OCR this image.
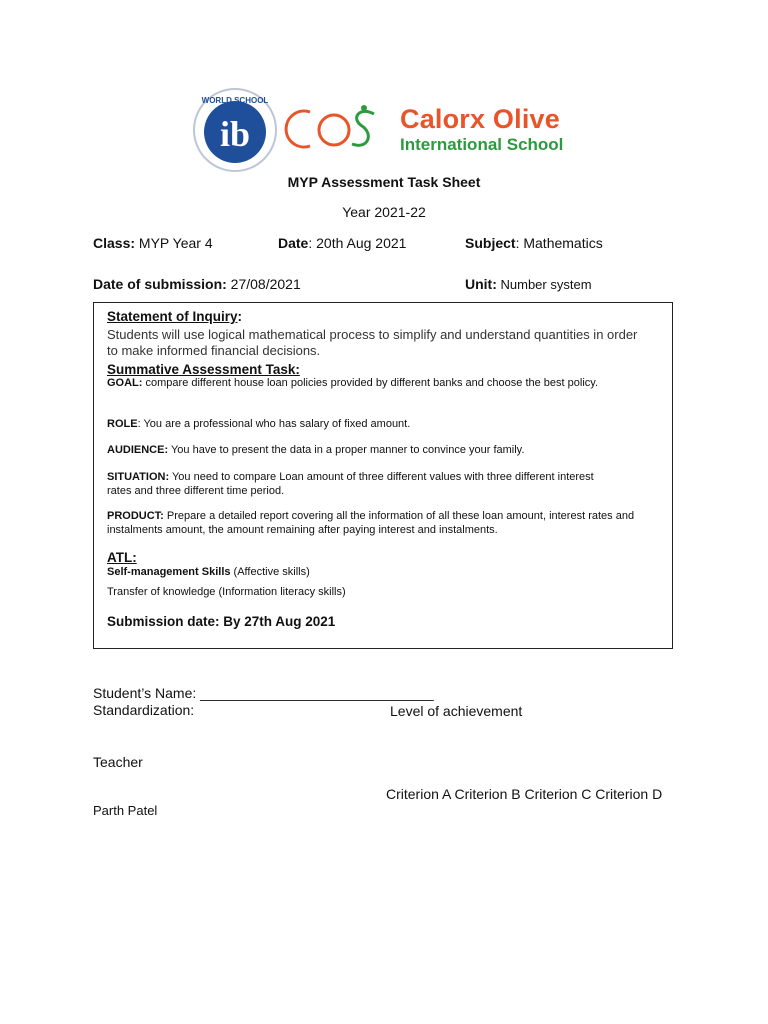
WORLD SCHOOL
ib
COS
Calorx Olive
International School
MYP Assessment Task Sheet
Year 2021-22
Class: MYP Year 4	Date: 20th Aug 2021	Subject: Mathematics
Date of submission: 27/08/2021	Unit: Number system
Statement of Inquiry:
Students will use logical mathematical process to simplify and understand quantities in order to make informed financial decisions.
Summative Assessment Task:
GOAL: compare different house loan policies provided by different banks and choose the best policy.
ROLE: You are a professional who has salary of fixed amount.
AUDIENCE: You have to present the data in a proper manner to convince your family.
SITUATION: You need to compare Loan amount of three different values with three different interest rates and three different time period.
PRODUCT: Prepare a detailed report covering all the information of all these loan amount, interest rates and instalments amount, the amount remaining after paying interest and instalments.
ATL:
Self-management Skills (Affective skills)
Transfer of knowledge (Information literacy skills)
Submission date: By 27th Aug 2021
Student’s Name: ______________________________
Standardization:	Level of achievement
Teacher
Criterion A Criterion B Criterion C Criterion D
Parth Patel
